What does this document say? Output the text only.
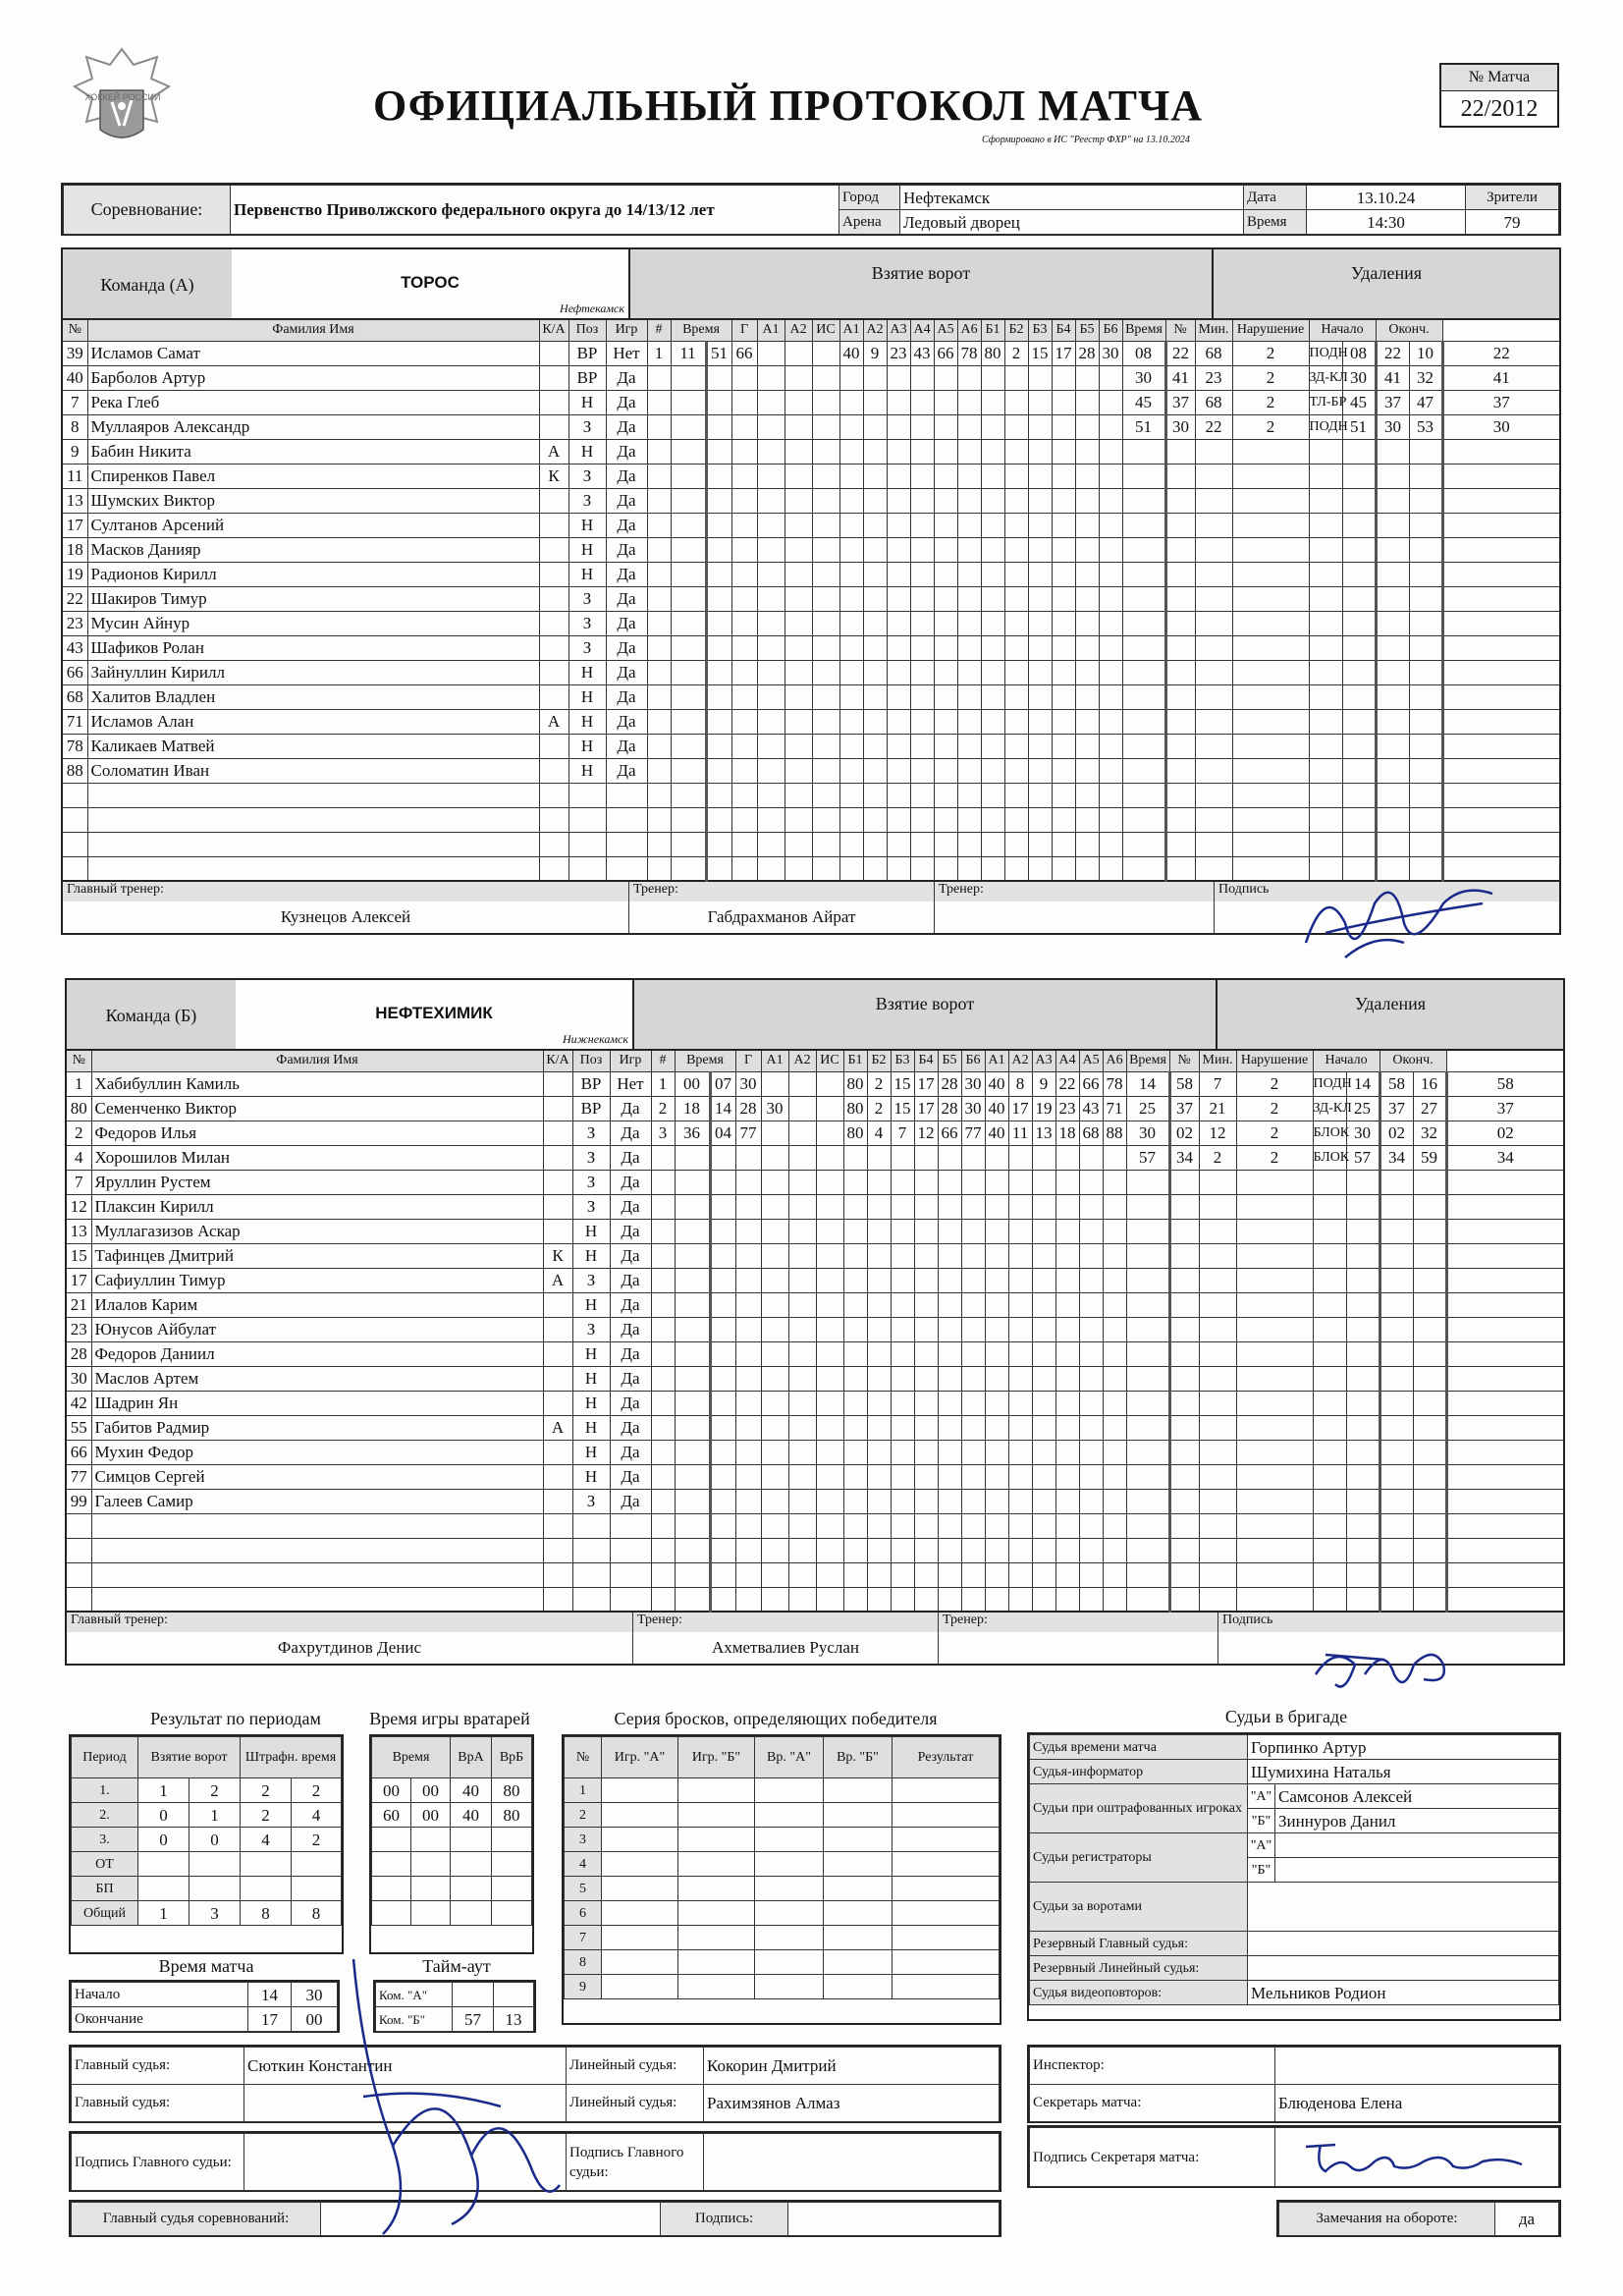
ХОККЕЙ РОССИИ	ОФИЦИАЛЬНЫЙ ПРОТОКОЛ МАТЧА
Сформировано в ИС "Реестр ФХР" на 13.10.2024
№ Матча
22/2012
Соревнование:	Первенство Приволжского федерального округа до 14/13/12 лет	Город	Нефтекамск	Дата	13.10.24	Зрители
		Арена	Ледовый дворец	Время	14:30	79
Команда (А)	ТОРОС
Нефтекамск
Взятие ворот	Удаления
№	Фамилия Имя	К/А	Поз	Игр	#	Время		Г	А1	А2	ИС	А1	А2	А3	А4	А5	А6	Б1	Б2	Б3	Б4	Б5	Б6	Время	№	Мин.	Нарушение	Начало		Оконч.		
39	Исламов Самат		ВР	Нет	1	11	51	66				40	9	23	43	66	78	80	2	15	17	28	30	08	22	68	2	ПОДН	08	22	10	22
40	Барболов Артур		ВР	Да																				30	41	23	2	ЗД-КЛ	30	41	32	41
7	Река Глеб		Н	Да																				45	37	68	2	ТЛ-БР	45	37	47	37
8	Муллаяров Александр		З	Да																				51	30	22	2	ПОДН	51	30	53	30
9	Бабин Никита	А	Н	Да																												
11	Спиренков Павел	К	З	Да																												
13	Шумских Виктор		З	Да																												
17	Султанов Арсений		Н	Да																												
18	Масков Данияр		Н	Да																												
19	Радионов Кирилл		Н	Да																												
22	Шакиров Тимур		З	Да																												
23	Мусин Айнур		З	Да																												
43	Шафиков Ролан		З	Да																												
66	Зайнуллин Кирилл		Н	Да																												
68	Халитов Владлен		Н	Да																												
71	Исламов Алан	А	Н	Да																												
78	Каликаев Матвей		Н	Да																												
88	Соломатин Иван		Н	Да																												

Главный тренер:
Кузнецов Алексей
Тренер:
Габдрахманов Айрат
Тренер:	Подпись
Команда (Б)	НЕФТЕХИМИК
Нижнекамск
Взятие ворот	Удаления
№	Фамилия Имя	К/А	Поз	Игр	#	Время		Г	А1	А2	ИС	Б1	Б2	Б3	Б4	Б5	Б6	А1	А2	А3	А4	А5	А6	Время	№	Мин.	Нарушение	Начало		Оконч.		
1	Хабибуллин Камиль		ВР	Нет	1	00	07	30				80	2	15	17	28	30	40	8	9	22	66	78	14	58	7	2	ПОДН	14	58	16	58
80	Семенченко Виктор		ВР	Да	2	18	14	28	30			80	2	15	17	28	30	40	17	19	23	43	71	25	37	21	2	ЗД-КЛ	25	37	27	37
2	Федоров Илья		З	Да	3	36	04	77				80	4	7	12	66	77	40	11	13	18	68	88	30	02	12	2	БЛОК	30	02	32	02
4	Хорошилов Милан		З	Да																				57	34	2	2	БЛОК	57	34	59	34
7	Яруллин Рустем		З	Да																												
12	Плаксин Кирилл		З	Да																												
13	Муллагазизов Аскар		Н	Да																												
15	Тафинцев Дмитрий	К	Н	Да																												
17	Сафиуллин Тимур	А	З	Да																												
21	Илалов Карим		Н	Да																												
23	Юнусов Айбулат		З	Да																												
28	Федоров Даниил		Н	Да																												
30	Маслов Артем		Н	Да																												
42	Шадрин Ян		Н	Да																												
55	Габитов Радмир	А	Н	Да																												
66	Мухин Федор		Н	Да																												
77	Симцов Сергей		Н	Да																												
99	Галеев Самир		З	Да																												

Главный тренер:
Фахрутдинов Денис
Тренер:
Ахметвалиев Руслан
Тренер:	Подпись
Результат по периодам
Период	Взятие ворот		Штрафн. время	
1.	1	2	2	2
2.	0	1	2	4
3.	0	0	4	2
ОТ				
БП				
Общий	1	3	8	8
Время игры вратарей
Время		ВрА	ВрБ
00	00	40	80
60	00	40	80

Серия бросков, определяющих победителя
№	Игр. "А"	Игр. "Б"	Вр. "А"	Вр. "Б"	Результат
1					
2					
3					
4					
5					
6					
7					
8					
9					
Время матча
Начало	14	30
Окончание	17	00
Тайм-аут
Ком. "А"		
Ком. "Б"	57	13
Судьи в бригаде
Судья времени матча	Горпинко Артур	
Судья-информатор	Шумихина Наталья	
Судьи при оштрафованных игроках	"А"	Самсонов Алексей
	"Б"	Зиннуров Данил
Судьи регистраторы	"А"	
	"Б"	
Судьи за воротами		
Резервный Главный судья:		
Резервный Линейный судья:		
Судья видеоповторов:	Мельников Родион	
Главный судья:	Сюткин Константин	Линейный судья:	Кокорин Дмитрий
Главный судья:		Линейный судья:	Рахимзянов Алмаз
Инспектор:	
Секретарь матча:	Блюденова Елена
Подпись Главного судьи:		Подпись Главного судьи:	
Подпись Секретаря матча:	
Главный судья соревнований:		Подпись:		Замечания на обороте:	да
